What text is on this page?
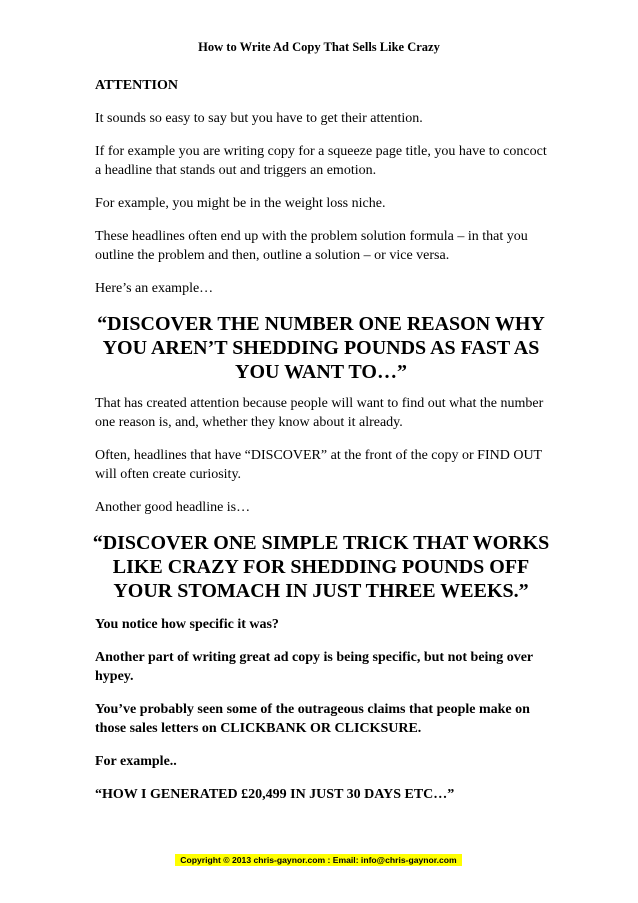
How to Write Ad Copy That Sells Like Crazy

ATTENTION

It sounds so easy to say but you have to get their attention.

If for example you are writing copy for a squeeze page title, you have to concoct a headline that stands out and triggers an emotion.

For example, you might be in the weight loss niche.

These headlines often end up with the problem solution formula – in that you outline the problem and then, outline a solution – or vice versa.

Here’s an example…

“DISCOVER THE NUMBER ONE REASON WHY YOU AREN’T SHEDDING POUNDS AS FAST AS YOU WANT TO…”

That has created attention because people will want to find out what the number one reason is, and, whether they know about it already.

Often, headlines that have “DISCOVER” at the front of the copy or FIND OUT will often create curiosity.

Another good headline is…

“DISCOVER ONE SIMPLE TRICK THAT WORKS LIKE CRAZY FOR SHEDDING POUNDS OFF YOUR STOMACH IN JUST THREE WEEKS.”

You notice how specific it was?

Another part of writing great ad copy is being specific, but not being over hypey.

You’ve probably seen some of the outrageous claims that people make on those sales letters on CLICKBANK OR CLICKSURE.

For example..

“HOW I GENERATED £20,499 IN JUST 30 DAYS ETC…”

Copyright © 2013 chris-gaynor.com : Email: info@chris-gaynor.com
